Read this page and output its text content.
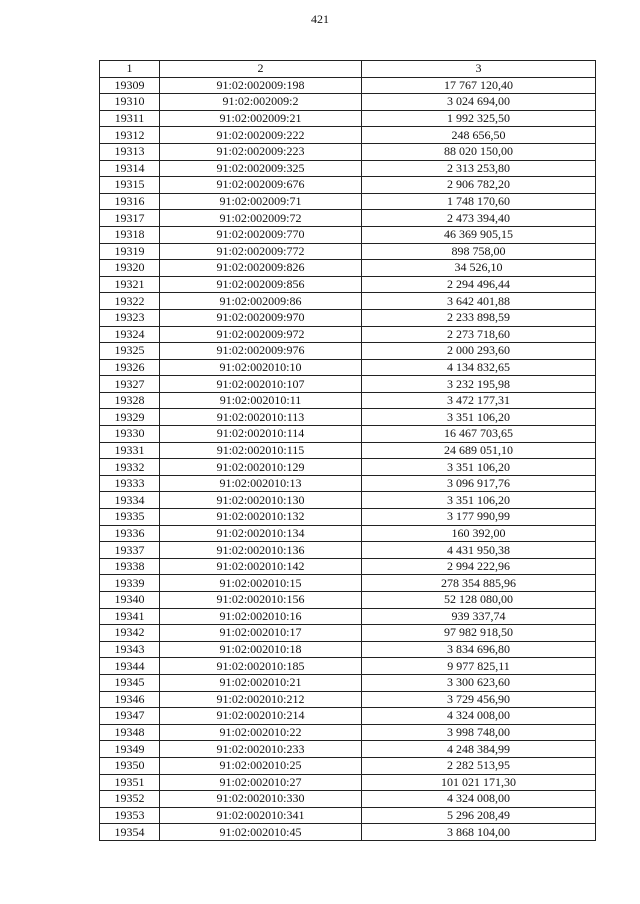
421
1	2	3
19309	91:02:002009:198	17 767 120,40
19310	91:02:002009:2	3 024 694,00
19311	91:02:002009:21	1 992 325,50
19312	91:02:002009:222	248 656,50
19313	91:02:002009:223	88 020 150,00
19314	91:02:002009:325	2 313 253,80
19315	91:02:002009:676	2 906 782,20
19316	91:02:002009:71	1 748 170,60
19317	91:02:002009:72	2 473 394,40
19318	91:02:002009:770	46 369 905,15
19319	91:02:002009:772	898 758,00
19320	91:02:002009:826	34 526,10
19321	91:02:002009:856	2 294 496,44
19322	91:02:002009:86	3 642 401,88
19323	91:02:002009:970	2 233 898,59
19324	91:02:002009:972	2 273 718,60
19325	91:02:002009:976	2 000 293,60
19326	91:02:002010:10	4 134 832,65
19327	91:02:002010:107	3 232 195,98
19328	91:02:002010:11	3 472 177,31
19329	91:02:002010:113	3 351 106,20
19330	91:02:002010:114	16 467 703,65
19331	91:02:002010:115	24 689 051,10
19332	91:02:002010:129	3 351 106,20
19333	91:02:002010:13	3 096 917,76
19334	91:02:002010:130	3 351 106,20
19335	91:02:002010:132	3 177 990,99
19336	91:02:002010:134	160 392,00
19337	91:02:002010:136	4 431 950,38
19338	91:02:002010:142	2 994 222,96
19339	91:02:002010:15	278 354 885,96
19340	91:02:002010:156	52 128 080,00
19341	91:02:002010:16	939 337,74
19342	91:02:002010:17	97 982 918,50
19343	91:02:002010:18	3 834 696,80
19344	91:02:002010:185	9 977 825,11
19345	91:02:002010:21	3 300 623,60
19346	91:02:002010:212	3 729 456,90
19347	91:02:002010:214	4 324 008,00
19348	91:02:002010:22	3 998 748,00
19349	91:02:002010:233	4 248 384,99
19350	91:02:002010:25	2 282 513,95
19351	91:02:002010:27	101 021 171,30
19352	91:02:002010:330	4 324 008,00
19353	91:02:002010:341	5 296 208,49
19354	91:02:002010:45	3 868 104,00
